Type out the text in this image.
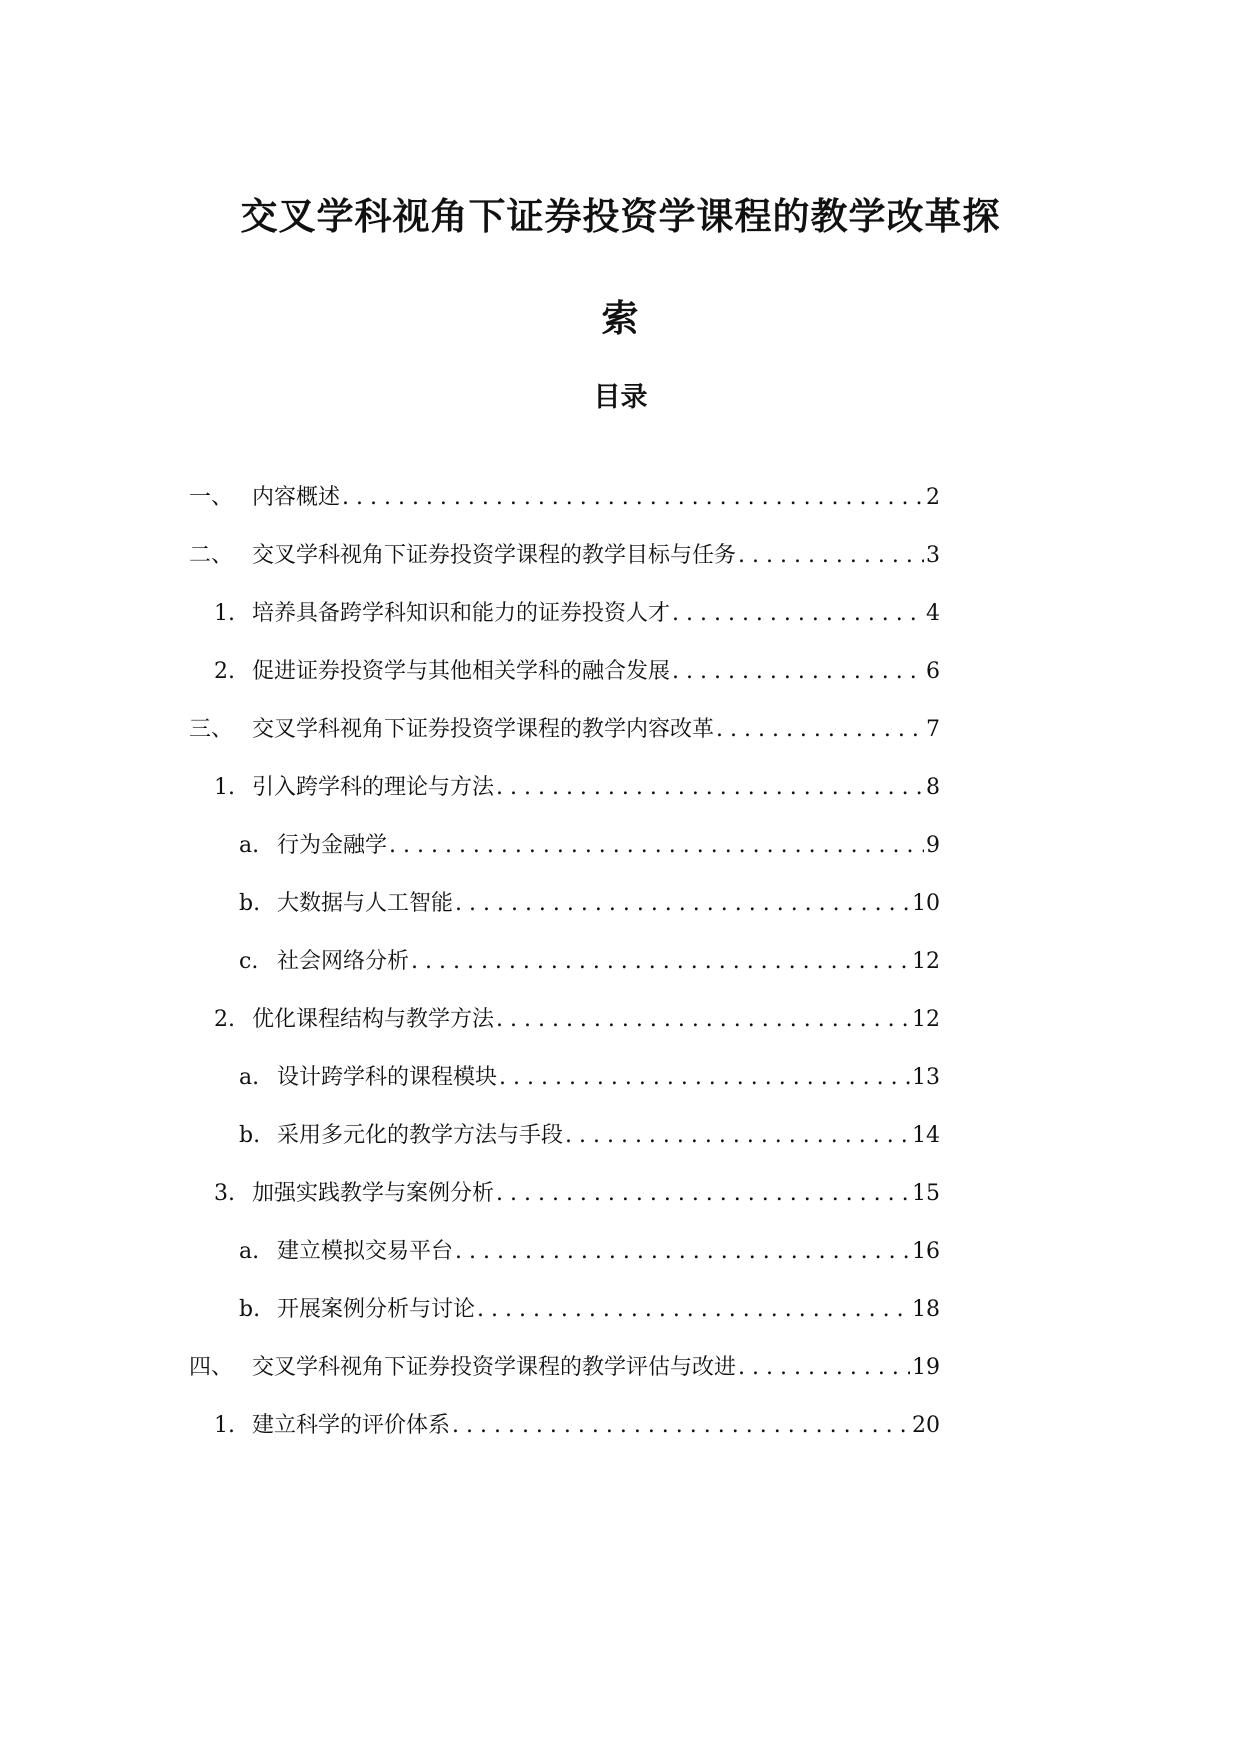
交叉学科视角下证券投资学课程的教学改革探
索
目录
一、 内容概述 . . .	2
二、 交叉学科视角下证券投资学课程的教学目标与任务 . . .	3
1. 培养具备跨学科知识和能力的证券投资人才 . . .	4
2. 促进证券投资学与其他相关学科的融合发展 . . .	6
三、 交叉学科视角下证券投资学课程的教学内容改革 . . .	7
1. 引入跨学科的理论与方法 . . .	8
a. 行为金融学 . . .	9
b. 大数据与人工智能 . . .	10
c. 社会网络分析 . . .	12
2. 优化课程结构与教学方法 . . .	12
a. 设计跨学科的课程模块 . . .	13
b. 采用多元化的教学方法与手段 . . .	14
3. 加强实践教学与案例分析 . . .	15
a. 建立模拟交易平台 . . .	16
b. 开展案例分析与讨论 . . .	18
四、 交叉学科视角下证券投资学课程的教学评估与改进 . . .	19
1. 建立科学的评价体系 . . .	20
